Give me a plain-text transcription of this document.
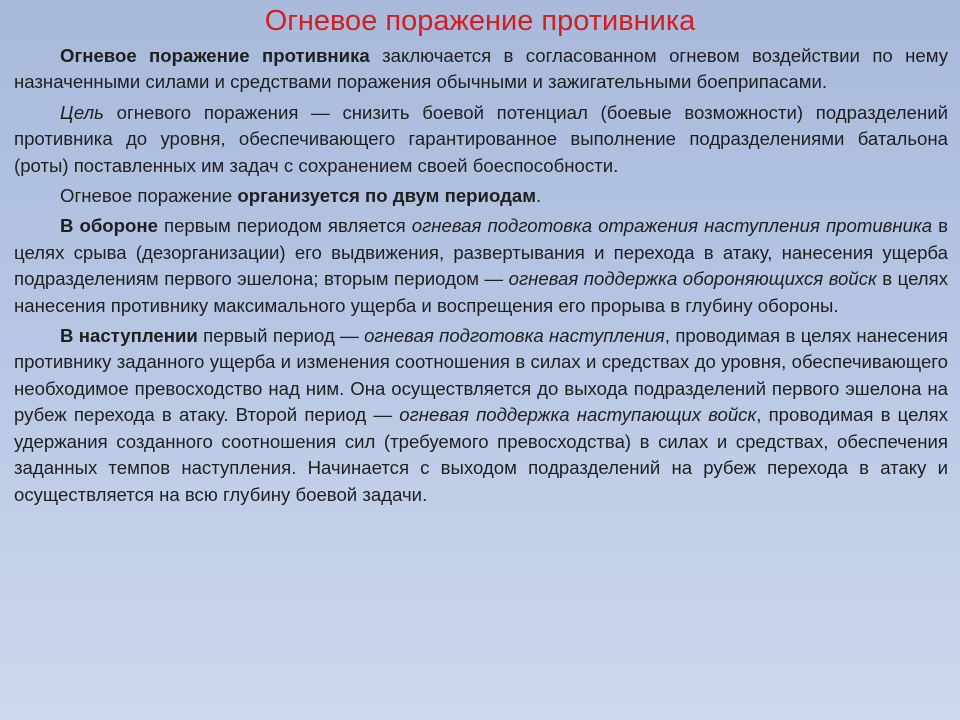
Огневое поражение противника

Огневое поражение противника заключается в согласованном огневом воздействии по нему назначенными силами и средствами поражения обычными и зажигательными боеприпасами.

Цель огневого поражения — снизить боевой потенциал (боевые возможности) подразделений противника до уровня, обеспечивающего гарантированное выполнение подразделениями батальона (роты) поставленных им задач с сохранением своей боеспособности.

Огневое поражение организуется по двум периодам.

В обороне первым периодом является огневая подготовка отражения наступления противника в целях срыва (дезорганизации) его выдвижения, развертывания и перехода в атаку, нанесения ущерба подразделениям первого эшелона; вторым периодом — огневая поддержка обороняющихся войск в целях нанесения противнику максимального ущерба и воспрещения его прорыва в глубину обороны.

В наступлении первый период — огневая подготовка наступления, проводимая в целях нанесения противнику заданного ущерба и изменения соотношения в силах и средствах до уровня, обеспечивающего необходимое превосходство над ним. Она осуществляется до выхода подразделений первого эшелона на рубеж перехода в атаку. Второй период — огневая поддержка наступающих войск, проводимая в целях удержания созданного соотношения сил (требуемого превосходства) в силах и средствах, обеспечения заданных темпов наступления. Начинается с выходом подразделений на рубеж перехода в атаку и осуществляется на всю глубину боевой задачи.
